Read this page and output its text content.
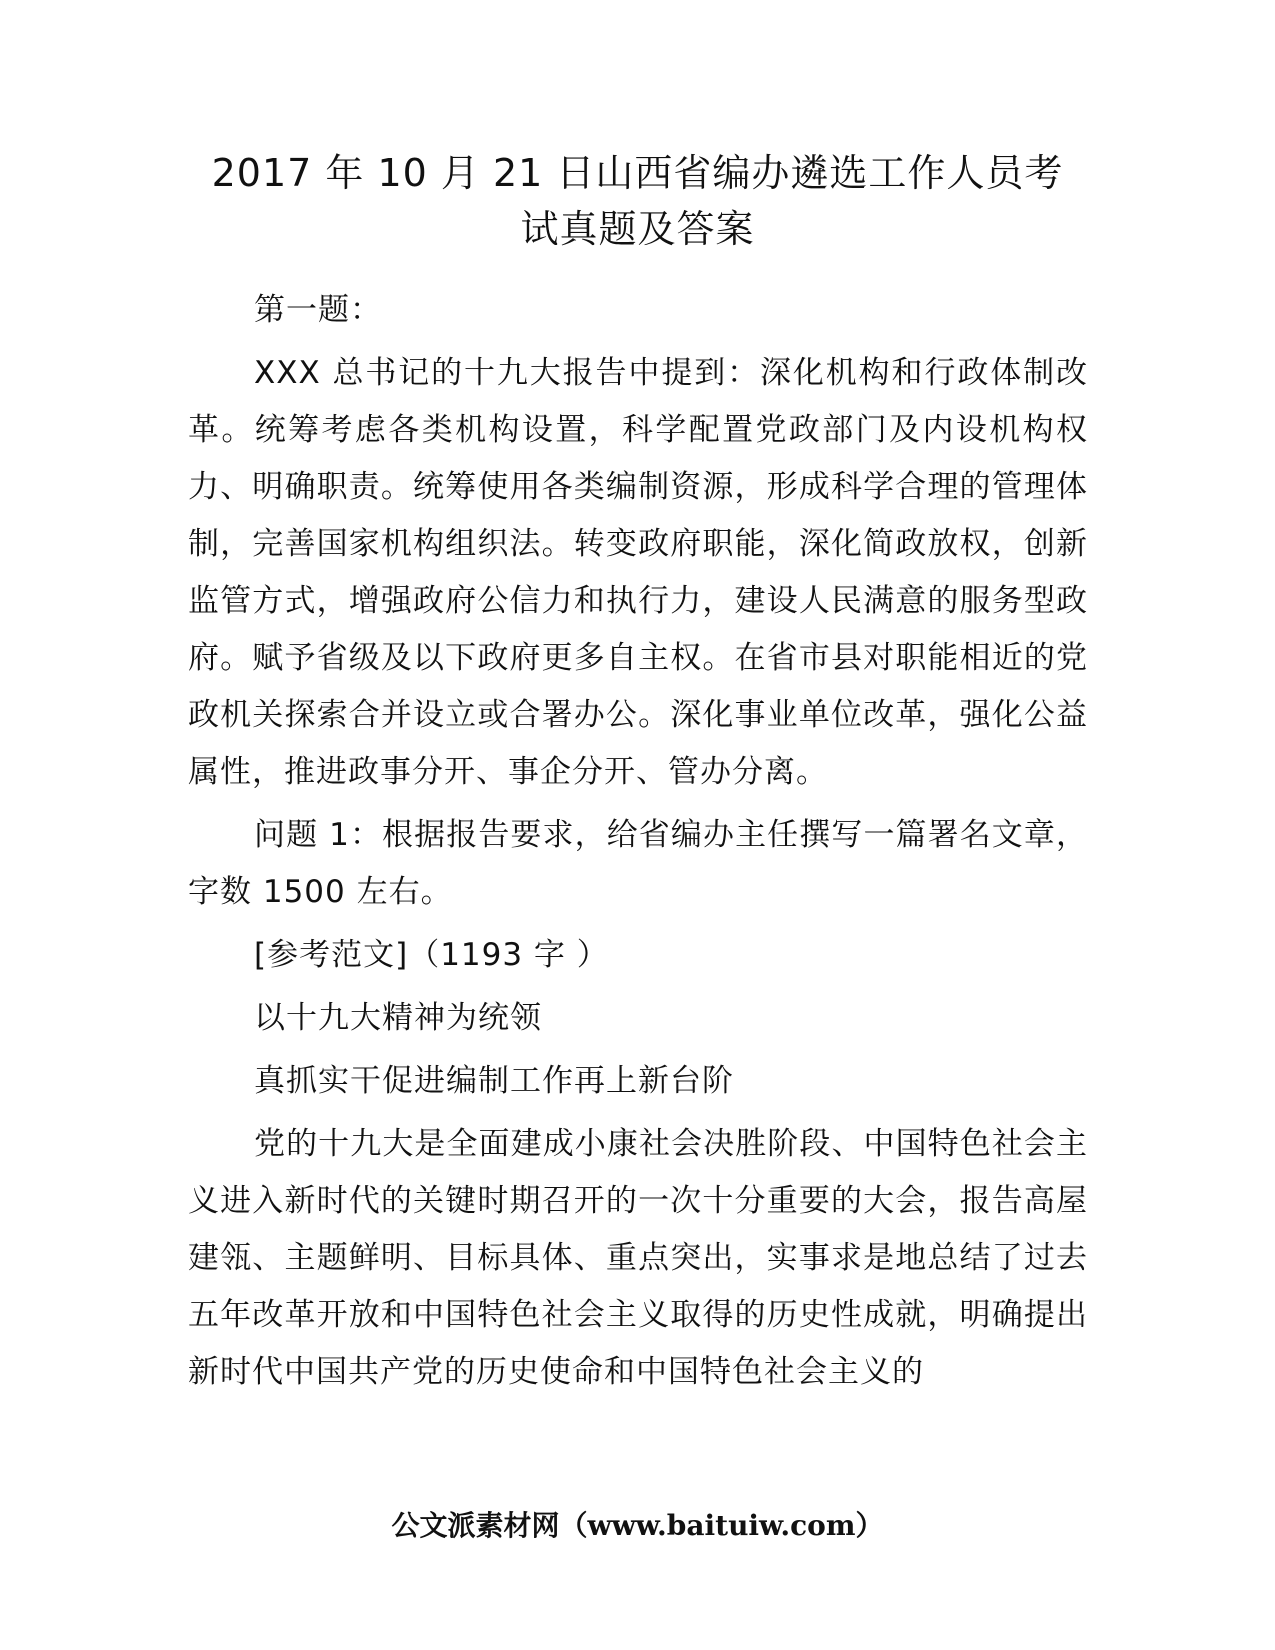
2017 年 10 月 21 日山西省编办遴选工作人员考
试真题及答案

第一题：

XXX 总书记的十九大报告中提到：深化机构和行政体制改革。统筹考虑各类机构设置，科学配置党政部门及内设机构权力、明确职责。统筹使用各类编制资源，形成科学合理的管理体制，完善国家机构组织法。转变政府职能，深化简政放权，创新监管方式，增强政府公信力和执行力，建设人民满意的服务型政府。赋予省级及以下政府更多自主权。在省市县对职能相近的党政机关探索合并设立或合署办公。深化事业单位改革，强化公益属性，推进政事分开、事企分开、管办分离。

问题 1：根据报告要求，给省编办主任撰写一篇署名文章，字数 1500 左右。

[参考范文]（1193 字 ）

以十九大精神为统领

真抓实干促进编制工作再上新台阶

党的十九大是全面建成小康社会决胜阶段、中国特色社会主义进入新时代的关键时期召开的一次十分重要的大会，报告高屋建瓴、主题鲜明、目标具体、重点突出，实事求是地总结了过去五年改革开放和中国特色社会主义取得的历史性成就，明确提出新时代中国共产党的历史使命和中国特色社会主义的

公文派素材网（www.baituiw.com）
